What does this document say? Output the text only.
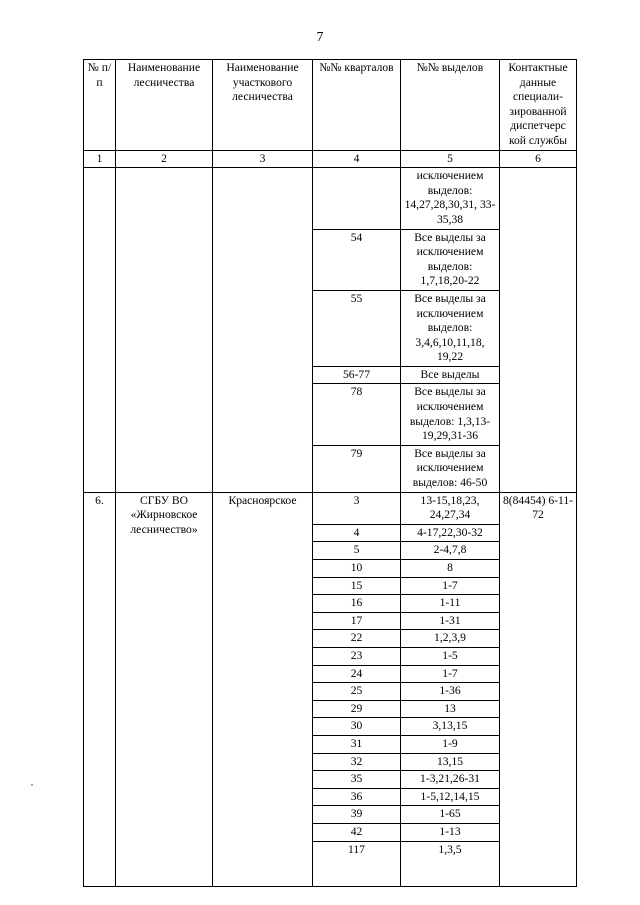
7
№ п/п	Наименование лесничества	Наименование участкового лесничества	№№ кварталов	№№ выделов	Контактные данные специали-зированной диспетчерс кой службы
1	2	3	4	5	6
				исключением выделов: 14,27,28,30,31, 33-35,38	
			54	Все выделы за исключением выделов: 1,7,18,20-22	
			55	Все выделы за исключением выделов: 3,4,6,10,11,18, 19,22	
			56-77	Все выделы	
			78	Все выделы за исключением выделов: 1,3,13- 19,29,31-36	
			79	Все выделы за исключением выделов: 46-50	
6.	СГБУ ВО «Жирновское лесничество»	Красноярское	3	13-15,18,23, 24,27,34	8(84454) 6-11-72
			4	4-17,22,30-32	
			5	2-4,7,8	
			10	8	
			15	1-7	
			16	1-11	
			17	1-31	
			22	1,2,3,9	
			23	1-5	
			24	1-7	
			25	1-36	
			29	13	
			30	3,13,15	
			31	1-9	
			32	13,15	
			35	1-3,21,26-31	
			36	1-5,12,14,15	
			39	1-65	
			42	1-13	
			117	1,3,5	
